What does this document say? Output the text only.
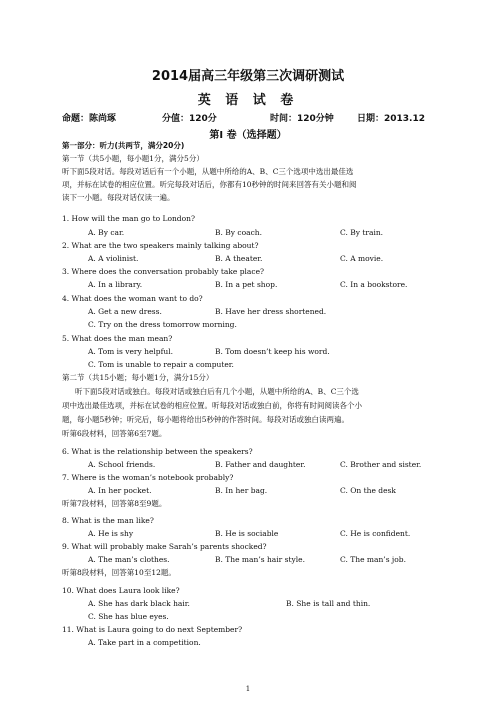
2014届高三年级第三次调研测试
英 语 试 卷
命题：陈尚琢	分值：120分	时间：120分钟	日期：2013.12
第Ⅰ 卷（选择题）
第一部分：听力(共两节，满分20分)
第一节（共5小题，每小题1分，满分5分）
听下面5段对话。每段对话后有一个小题，从题中所给的A、B、C三个选项中选出最佳选
项，并标在试卷的相应位置。听完每段对话后，你都有10秒钟的时间来回答有关小题和阅
读下一小题。每段对话仅读一遍。
1. How will the man go to London?
A. By car.	B. By coach.	C. By train.
2. What are the two speakers mainly talking about?
A. A violinist.	B. A theater.	C. A movie.
3. Where does the conversation probably take place?
A. In a library.	B. In a pet shop.	C. In a bookstore.
4. What does the woman want to do?
A. Get a new dress.	B. Have her dress shortened.
C. Try on the dress tomorrow morning.
5. What does the man mean?
A. Tom is very helpful.	B. Tom doesn’t keep his word.
C. Tom is unable to repair a computer.
第二节（共15小题；每小题1分，满分15分）
听下面5段对话或独白。每段对话或独白后有几个小题，从题中所给的A、B、C三个选
项中选出最佳选项，并标在试卷的相应位置。听每段对话或独白前，你将有时间阅读各个小
题，每小题5秒钟；听完后，每小题将给出5秒钟的作答时间。每段对话或独白读两遍。
听第6段材料，回答第6至7题。
6. What is the relationship between the speakers?
A. School friends.	B. Father and daughter.	C. Brother and sister.
7. Where is the woman’s notebook probably?
A. In her pocket.	B. In her bag.	C. On the desk
听第7段材料，回答第8至9题。
8. What is the man like?
A. He is shy	B. He is sociable	C. He is confident.
9. What will probably make Sarah’s parents shocked?
A. The man’s clothes.	B. The man’s hair style.	C. The man’s job.
听第8段材料，回答第10至12题。
10. What does Laura look like?
A. She has dark black hair.	B. She is tall and thin.
C. She has blue eyes.
11. What is Laura going to do next September?
A. Take part in a competition.
1
